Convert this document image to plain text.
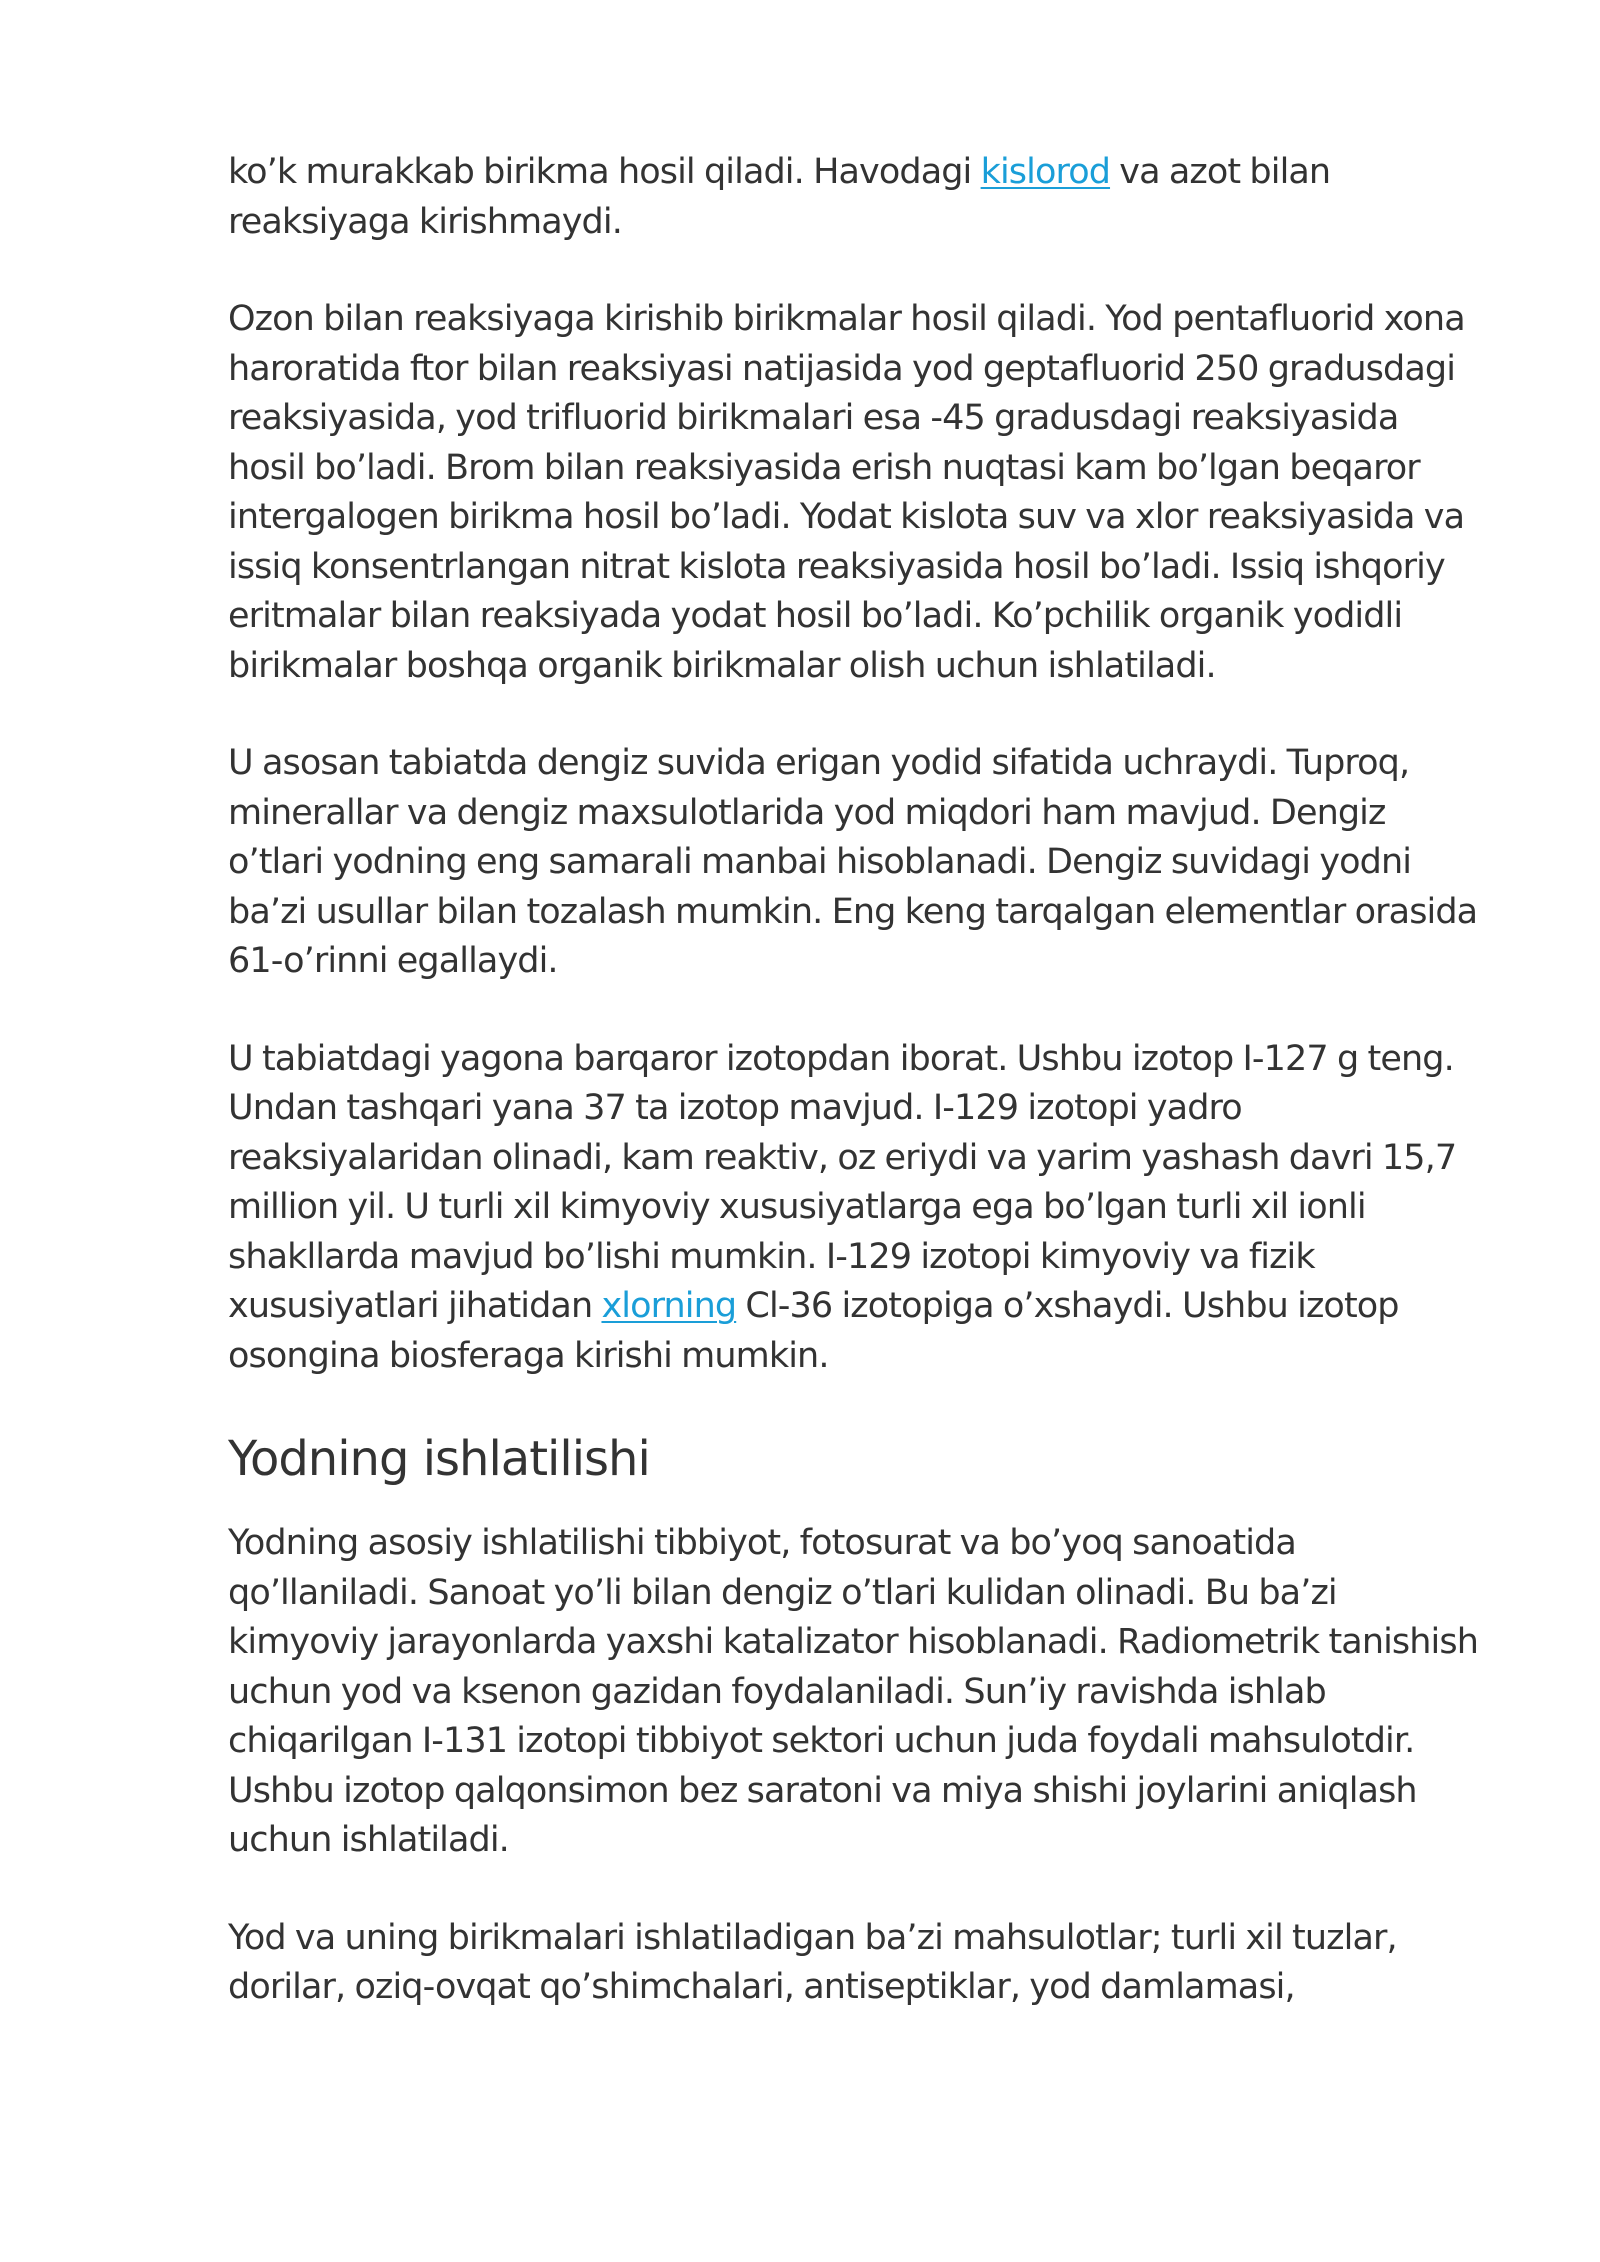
ko’k murakkab birikma hosil qiladi. Havodagi kislorod va azot bilan reaksiyaga kirishmaydi.

Ozon bilan reaksiyaga kirishib birikmalar hosil qiladi. Yod pentafluorid xona haroratida ftor bilan reaksiyasi natijasida yod geptafluorid 250 gradusdagi reaksiyasida, yod trifluorid birikmalari esa -45 gradusdagi reaksiyasida hosil bo’ladi. Brom bilan reaksiyasida erish nuqtasi kam bo’lgan beqaror intergalogen birikma hosil bo’ladi. Yodat kislota suv va xlor reaksiyasida va issiq konsentrlangan nitrat kislota reaksiyasida hosil bo’ladi. Issiq ishqoriy eritmalar bilan reaksiyada yodat hosil bo’ladi. Ko’pchilik organik yodidli birikmalar boshqa organik birikmalar olish uchun ishlatiladi.

U asosan tabiatda dengiz suvida erigan yodid sifatida uchraydi. Tuproq, minerallar va dengiz maxsulotlarida yod miqdori ham mavjud. Dengiz o’tlari yodning eng samarali manbai hisoblanadi. Dengiz suvidagi yodni ba’zi usullar bilan tozalash mumkin. Eng keng tarqalgan elementlar orasida 61-o’rinni egallaydi.

U tabiatdagi yagona barqaror izotopdan iborat. Ushbu izotop I-127 g teng. Undan tashqari yana 37 ta izotop mavjud. I-129 izotopi yadro reaksiyalaridan olinadi, kam reaktiv, oz eriydi va yarim yashash davri 15,7 million yil. U turli xil kimyoviy xususiyatlarga ega bo’lgan turli xil ionli shakllarda mavjud bo’lishi mumkin. I-129 izotopi kimyoviy va fizik xususiyatlari jihatidan xlorning Cl-36 izotopiga o’xshaydi. Ushbu izotop osongina biosferaga kirishi mumkin.

Yodning ishlatilishi

Yodning asosiy ishlatilishi tibbiyot, fotosurat va bo’yoq sanoatida qo’llaniladi. Sanoat yo’li bilan dengiz o’tlari kulidan olinadi. Bu ba’zi kimyoviy jarayonlarda yaxshi katalizator hisoblanadi. Radiometrik tanishish uchun yod va ksenon gazidan foydalaniladi. Sun’iy ravishda ishlab chiqarilgan I-131 izotopi tibbiyot sektori uchun juda foydali mahsulotdir. Ushbu izotop qalqonsimon bez saratoni va miya shishi joylarini aniqlash uchun ishlatiladi.

Yod va uning birikmalari ishlatiladigan ba’zi mahsulotlar; turli xil tuzlar, dorilar, oziq-ovqat qo’shimchalari, antiseptiklar, yod damlamasi,
